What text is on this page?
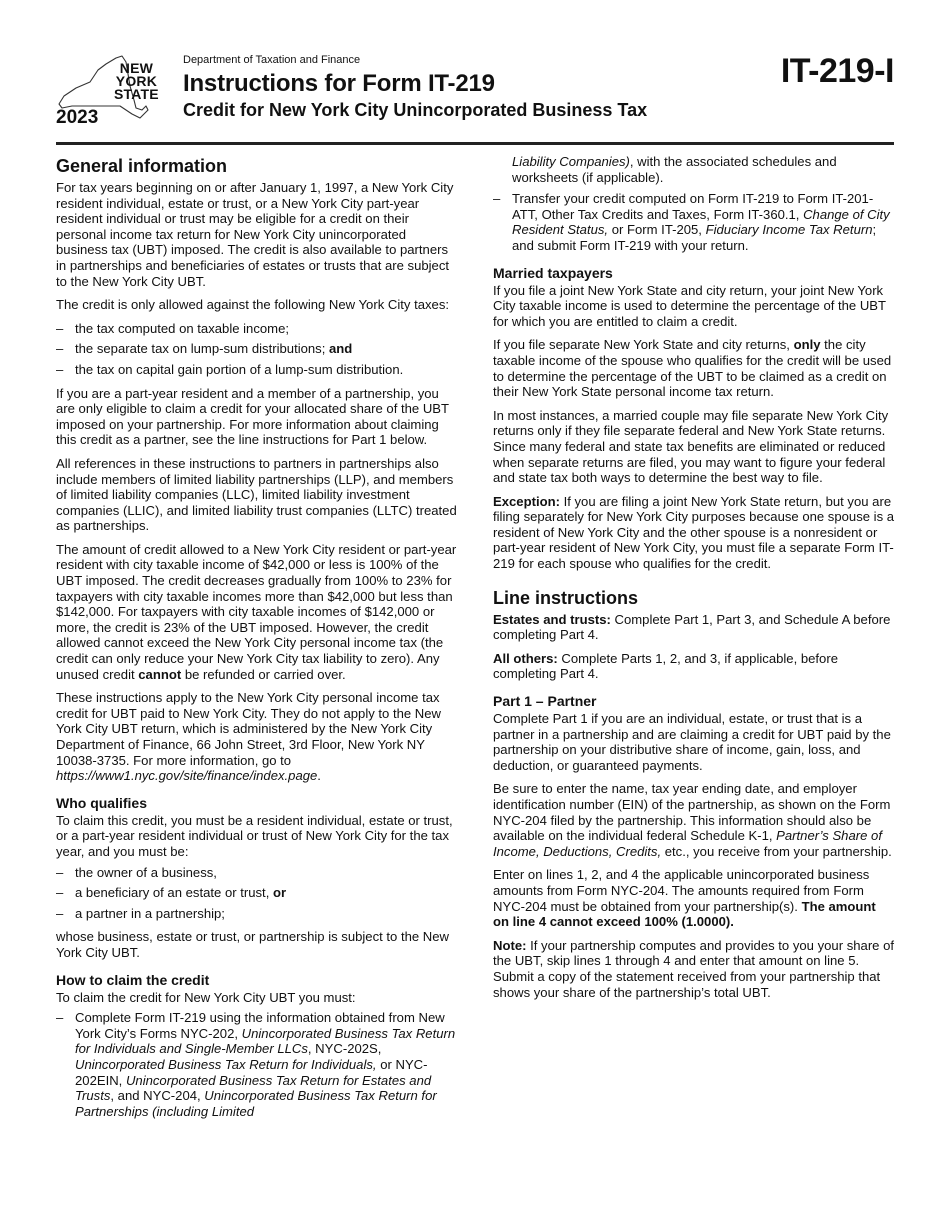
NEW
YORK
STATE
2023
Department of Taxation and Finance
Instructions for Form IT-219
Credit for New York City Unincorporated Business Tax
IT-219-I
General information

For tax years beginning on or after January 1, 1997, a New York City resident individual, estate or trust, or a New York City part-year resident individual or trust may be eligible for a credit on their personal income tax return for New York City unincorporated business tax (UBT) imposed. The credit is also available to partners in partnerships and beneficiaries of estates or trusts that are subject to the New York City UBT.

The credit is only allowed against the following New York City taxes:

– the tax computed on taxable income;
– the separate tax on lump-sum distributions; and
– the tax on capital gain portion of a lump-sum distribution.

If you are a part-year resident and a member of a partnership, you are only eligible to claim a credit for your allocated share of the UBT imposed on your partnership. For more information about claiming this credit as a partner, see the line instructions for Part 1 below.

All references in these instructions to partners in partnerships also include members of limited liability partnerships (LLP), and members of limited liability companies (LLC), limited liability investment companies (LLIC), and limited liability trust companies (LLTC) treated as partnerships.

The amount of credit allowed to a New York City resident or part-year resident with city taxable income of $42,000 or less is 100% of the UBT imposed. The credit decreases gradually from 100% to 23% for taxpayers with city taxable incomes more than $42,000 but less than $142,000. For taxpayers with city taxable incomes of $142,000 or more, the credit is 23% of the UBT imposed. However, the credit allowed cannot exceed the New York City personal income tax (the credit can only reduce your New York City tax liability to zero). Any unused credit cannot be refunded or carried over.

These instructions apply to the New York City personal income tax credit for UBT paid to New York City. They do not apply to the New York City UBT return, which is administered by the New York City Department of Finance, 66 John Street, 3rd Floor, New York NY 10038-3735. For more information, go to https://www1.nyc.gov/site/finance/index.page.

Who qualifies

To claim this credit, you must be a resident individual, estate or trust, or a part-year resident individual or trust of New York City for the tax year, and you must be:

– the owner of a business,
– a beneficiary of an estate or trust, or
– a partner in a partnership;

whose business, estate or trust, or partnership is subject to the New York City UBT.

How to claim the credit

To claim the credit for New York City UBT you must:

– Complete Form IT-219 using the information obtained from New York City’s Forms NYC-202, Unincorporated Business Tax Return for Individuals and Single-Member LLCs, NYC-202S, Unincorporated Business Tax Return for Individuals, or NYC-202EIN, Unincorporated Business Tax Return for Estates and Trusts, and NYC-204, Unincorporated Business Tax Return for Partnerships (including Limited

Liability Companies), with the associated schedules and worksheets (if applicable).

– Transfer your credit computed on Form IT-219 to Form IT-201-ATT, Other Tax Credits and Taxes, Form IT-360.1, Change of City Resident Status, or Form IT-205, Fiduciary Income Tax Return; and submit Form IT-219 with your return.
Married taxpayers

If you file a joint New York State and city return, your joint New York City taxable income is used to determine the percentage of the UBT for which you are entitled to claim a credit.

If you file separate New York State and city returns, only the city taxable income of the spouse who qualifies for the credit will be used to determine the percentage of the UBT to be claimed as a credit on their New York State personal income tax return.

In most instances, a married couple may file separate New York City returns only if they file separate federal and New York State returns. Since many federal and state tax benefits are eliminated or reduced when separate returns are filed, you may want to figure your federal and state tax both ways to determine the best way to file.

Exception: If you are filing a joint New York State return, but you are filing separately for New York City purposes because one spouse is a resident of New York City and the other spouse is a nonresident or part-year resident of New York City, you must file a separate Form IT-219 for each spouse who qualifies for the credit.

Line instructions

Estates and trusts: Complete Part 1, Part 3, and Schedule A before completing Part 4.

All others: Complete Parts 1, 2, and 3, if applicable, before completing Part 4.

Part 1 – Partner

Complete Part 1 if you are an individual, estate, or trust that is a partner in a partnership and are claiming a credit for UBT paid by the partnership on your distributive share of income, gain, loss, and deduction, or guaranteed payments.

Be sure to enter the name, tax year ending date, and employer identification number (EIN) of the partnership, as shown on the Form NYC-204 filed by the partnership. This information should also be available on the individual federal Schedule K-1, Partner’s Share of Income, Deductions, Credits, etc., you receive from your partnership.

Enter on lines 1, 2, and 4 the applicable unincorporated business amounts from Form NYC-204. The amounts required from Form NYC-204 must be obtained from your partnership(s). The amount on line 4 cannot exceed 100% (1.0000).

Note: If your partnership computes and provides to you your share of the UBT, skip lines 1 through 4 and enter that amount on line 5. Submit a copy of the statement received from your partnership that shows your share of the partnership’s total UBT.
